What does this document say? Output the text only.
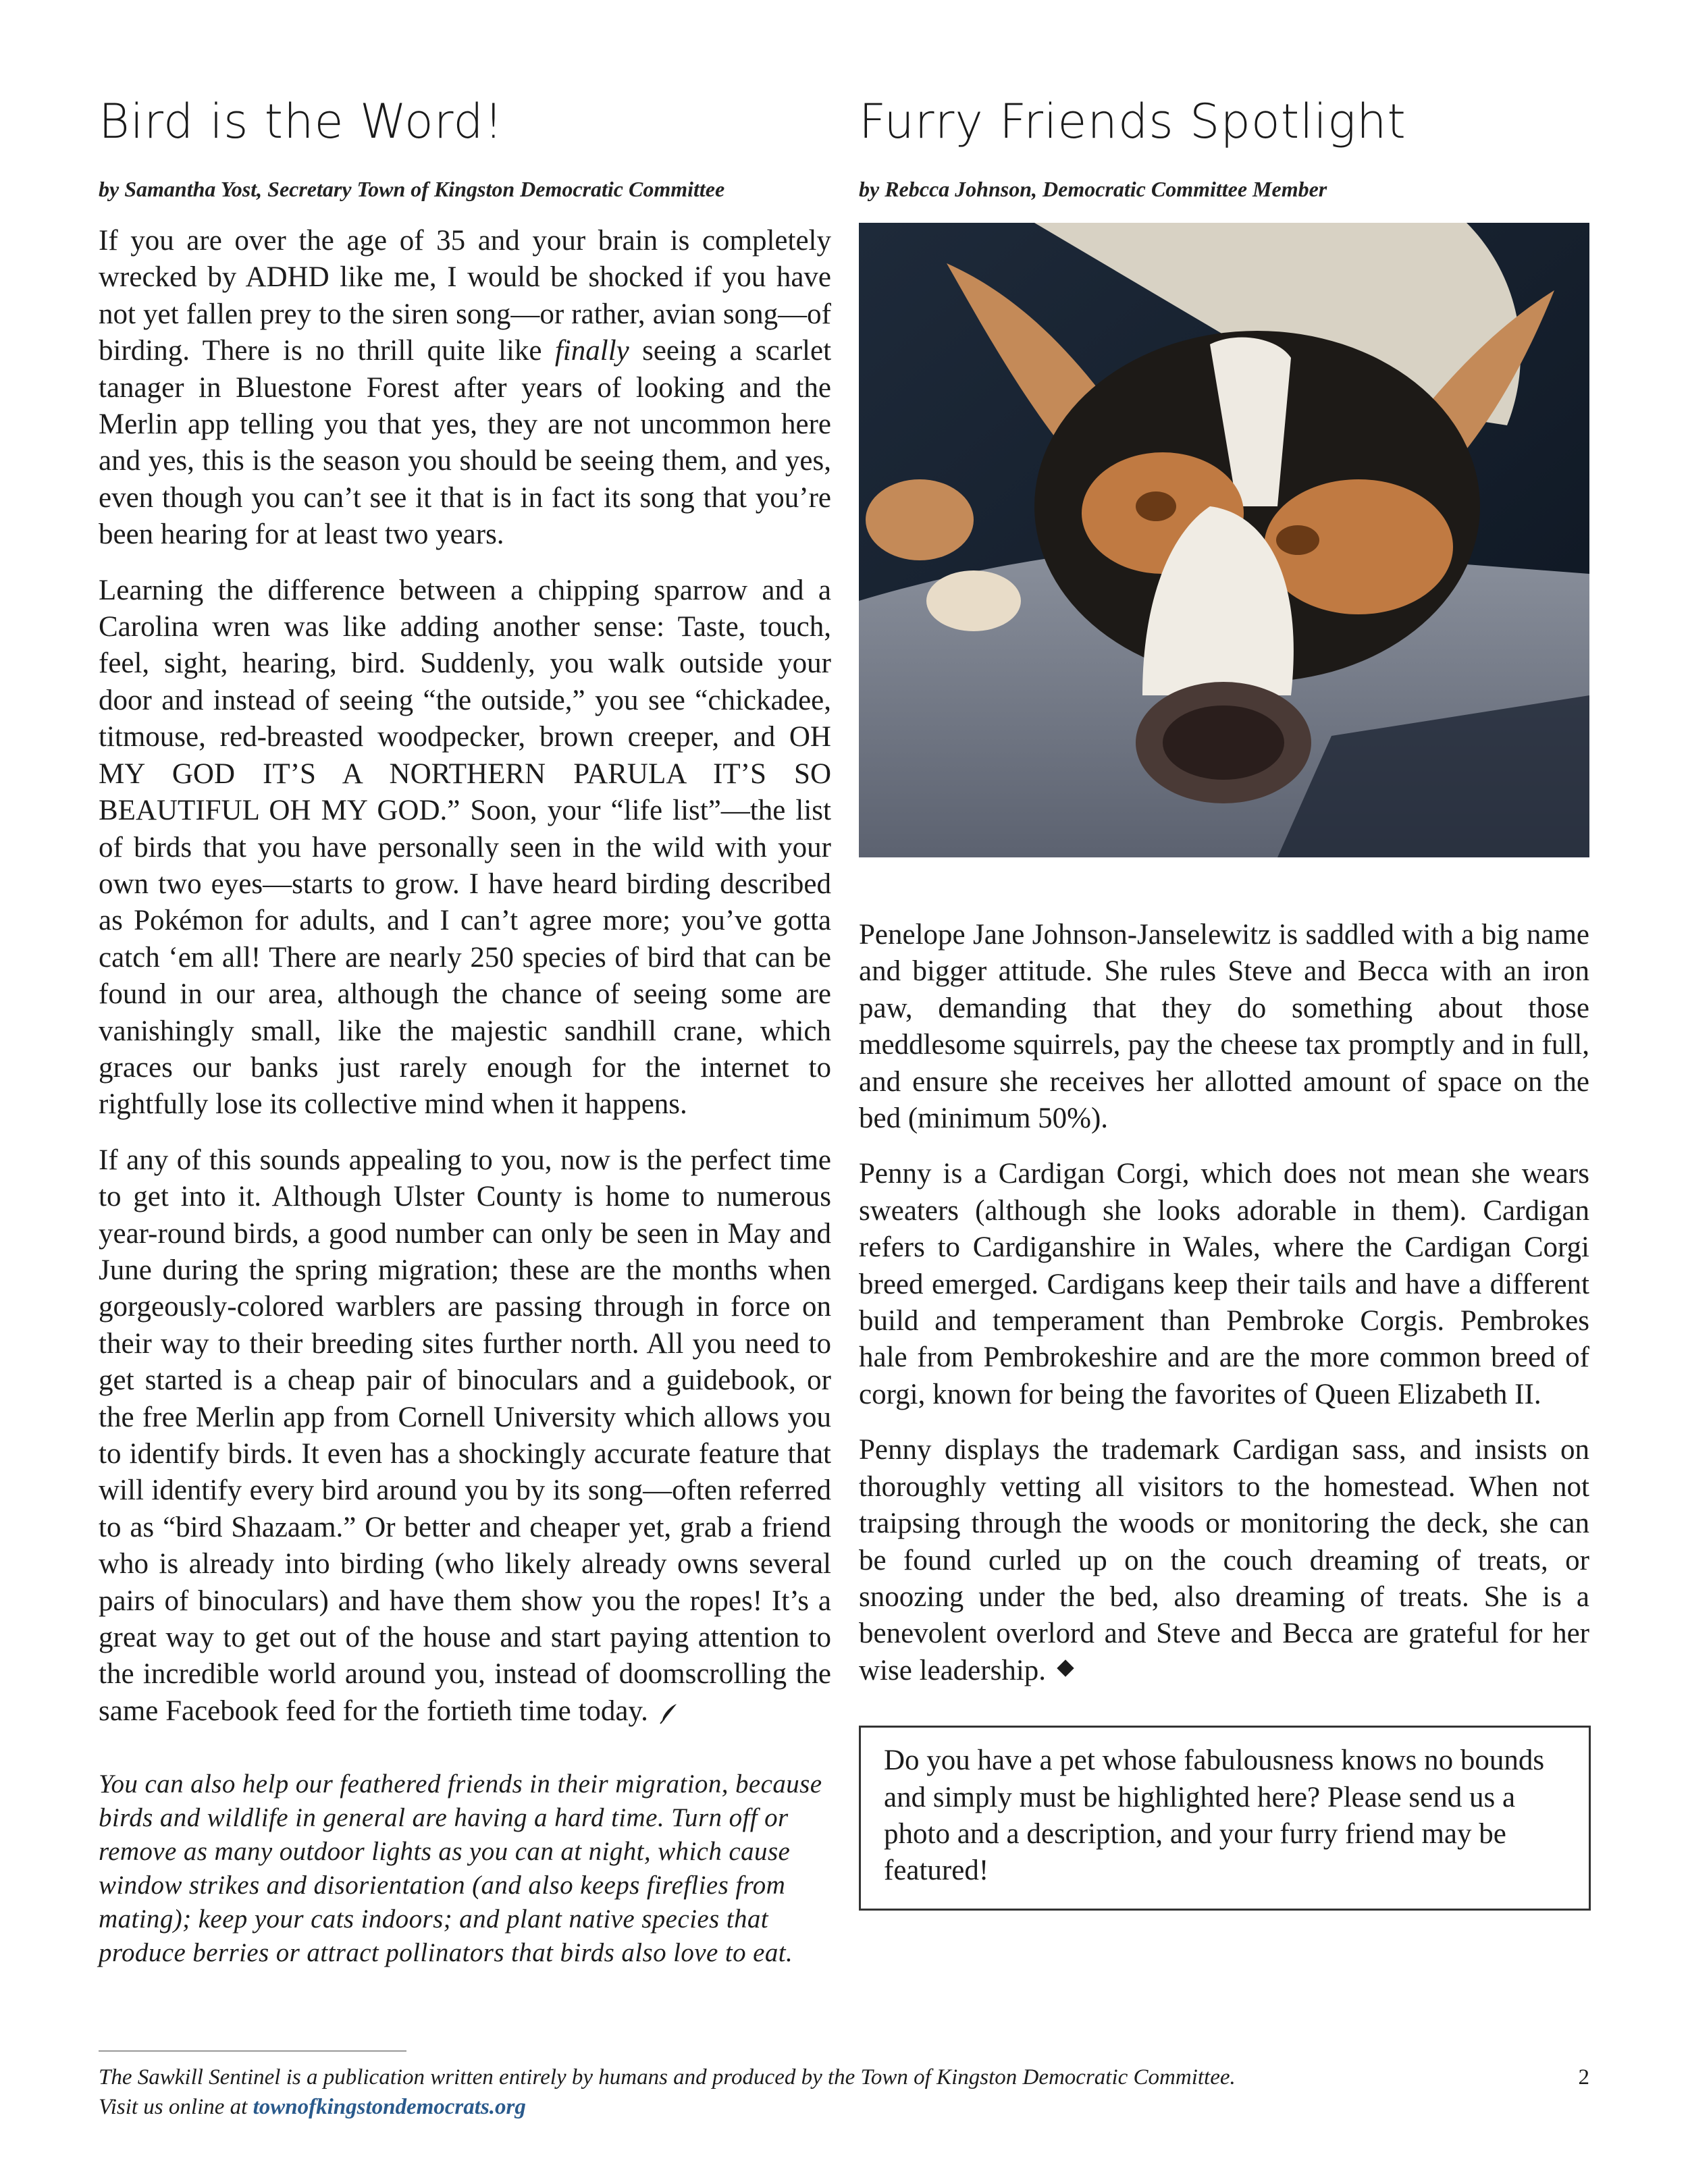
Bird is the Word!
by Samantha Yost, Secretary Town of Kingston Democratic Committee

If you are over the age of 35 and your brain is completely wrecked by ADHD like me, I would be shocked if you have not yet fallen prey to the siren song—or rather, avian song—of birding. There is no thrill quite like finally seeing a scarlet tanager in Bluestone Forest after years of looking and the Merlin app telling you that yes, they are not uncommon here and yes, this is the season you should be seeing them, and yes, even though you can’t see it that is in fact its song that you’re been hearing for at least two years.

Learning the difference between a chipping sparrow and a Carolina wren was like adding another sense: Taste, touch, feel, sight, hearing, bird. Suddenly, you walk outside your door and instead of seeing “the outside,” you see “chickadee, titmouse, red-breasted woodpecker, brown creeper, and OH MY GOD IT’S A NORTHERN PARULA IT’S SO BEAUTIFUL OH MY GOD.” Soon, your “life list”—the list of birds that you have personally seen in the wild with your own two eyes—starts to grow. I have heard birding described as Pokémon for adults, and I can’t agree more; you’ve gotta catch ‘em all! There are nearly 250 species of bird that can be found in our area, although the chance of seeing some are vanishingly small, like the majestic sandhill crane, which graces our banks just rarely enough for the internet to rightfully lose its collective mind when it happens.

If any of this sounds appealing to you, now is the perfect time to get into it. Although Ulster County is home to numerous year-round birds, a good number can only be seen in May and June during the spring migration; these are the months when gorgeously-colored warblers are passing through in force on their way to their breeding sites further north. All you need to get started is a cheap pair of binoculars and a guidebook, or the free Merlin app from Cornell University which allows you to identify birds. It even has a shockingly accurate feature that will identify every bird around you by its song—often referred to as “bird Shazaam.” Or better and cheaper yet, grab a friend who is already into birding (who likely already owns several pairs of binoculars) and have them show you the ropes! It’s a great way to get out of the house and start paying attention to the incredible world around you, instead of doomscrolling the same Facebook feed for the fortieth time today.

You can also help our feathered friends in their migration, because birds and wildlife in general are having a hard time. Turn off or remove as many outdoor lights as you can at night, which cause window strikes and disorientation (and also keeps fireflies from mating); keep your cats indoors; and plant native species that produce berries or attract pollinators that birds also love to eat.

Furry Friends Spotlight
by Rebcca Johnson, Democratic Committee Member

Penelope Jane Johnson-Janselewitz is saddled with a big name and bigger attitude. She rules Steve and Becca with an iron paw, demanding that they do something about those meddlesome squirrels, pay the cheese tax promptly and in full, and ensure she receives her allotted amount of space on the bed (minimum 50%).

Penny is a Cardigan Corgi, which does not mean she wears sweaters (although she looks adorable in them). Cardigan refers to Cardiganshire in Wales, where the Cardigan Corgi breed emerged. Cardigans keep their tails and have a different build and temperament than Pembroke Corgis. Pembrokes hale from Pembrokeshire and are the more common breed of corgi, known for being the favorites of Queen Elizabeth II.

Penny displays the trademark Cardigan sass, and insists on thoroughly vetting all visitors to the homestead. When not traipsing through the woods or monitoring the deck, she can be found curled up on the couch dreaming of treats, or snoozing under the bed, also dreaming of treats. She is a benevolent overlord and Steve and Becca are grateful for her wise leadership.

Do you have a pet whose fabulousness knows no bounds and simply must be highlighted here? Please send us a photo and a description, and your furry friend may be featured!

The Sawkill Sentinel is a publication written entirely by humans and produced by the Town of Kingston Democratic Committee.
Visit us online at townofkingstondemocrats.org
2
